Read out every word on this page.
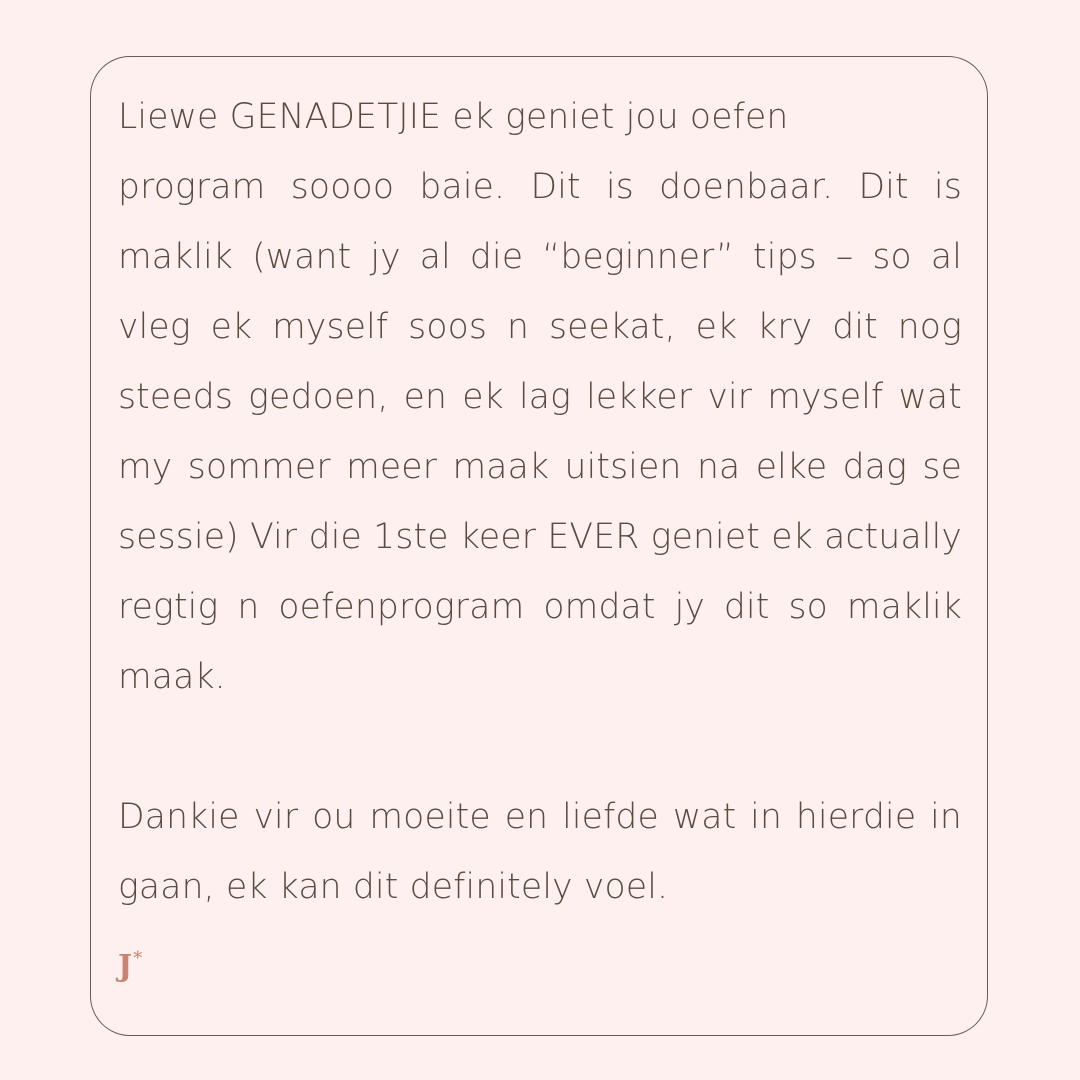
Liewe GENADETJIE ek geniet jou oefen
program soooo baie. Dit is doenbaar. Dit is
maklik (want jy al die “beginner” tips – so al
vleg ek myself soos n seekat, ek kry dit nog
steeds gedoen, en ek lag lekker vir myself wat
my sommer meer maak uitsien na elke dag se
sessie) Vir die 1ste keer EVER geniet ek actually
regtig n oefenprogram omdat jy dit so maklik
maak.
Dankie vir ou moeite en liefde wat in hierdie in
gaan, ek kan dit definitely voel.
J *
